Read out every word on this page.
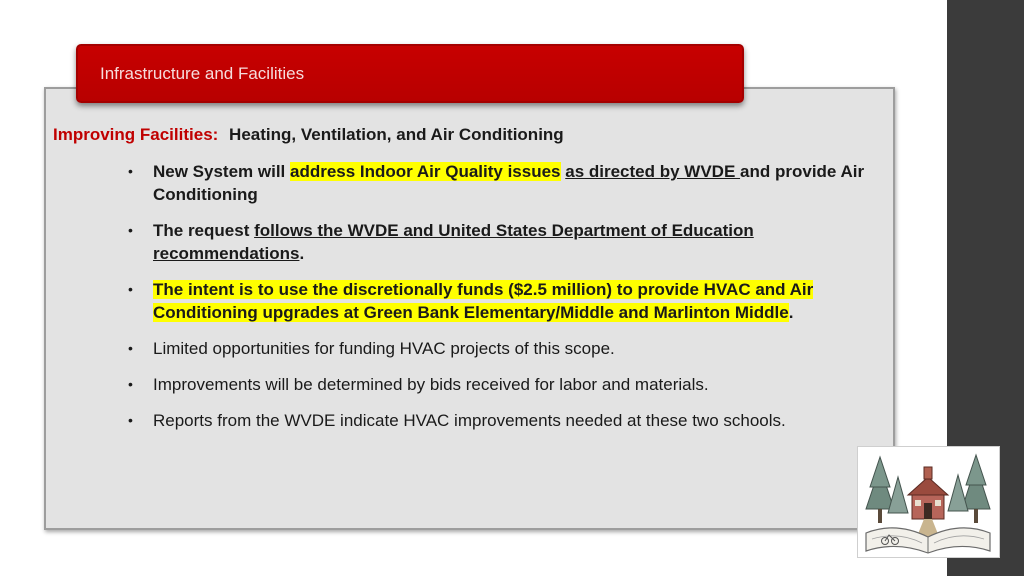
Infrastructure and Facilities
Improving Facilities: Heating, Ventilation, and Air Conditioning
• New System will address Indoor Air Quality issues as directed by WVDE and provide Air Conditioning
• The request follows the WVDE and United States Department of Education recommendations.
• The intent is to use the discretionally funds ($2.5 million) to provide HVAC and Air Conditioning upgrades at Green Bank Elementary/Middle and Marlinton Middle.
• Limited opportunities for funding HVAC projects of this scope.
• Improvements will be determined by bids received for labor and materials.
• Reports from the WVDE indicate HVAC improvements needed at these two schools.
